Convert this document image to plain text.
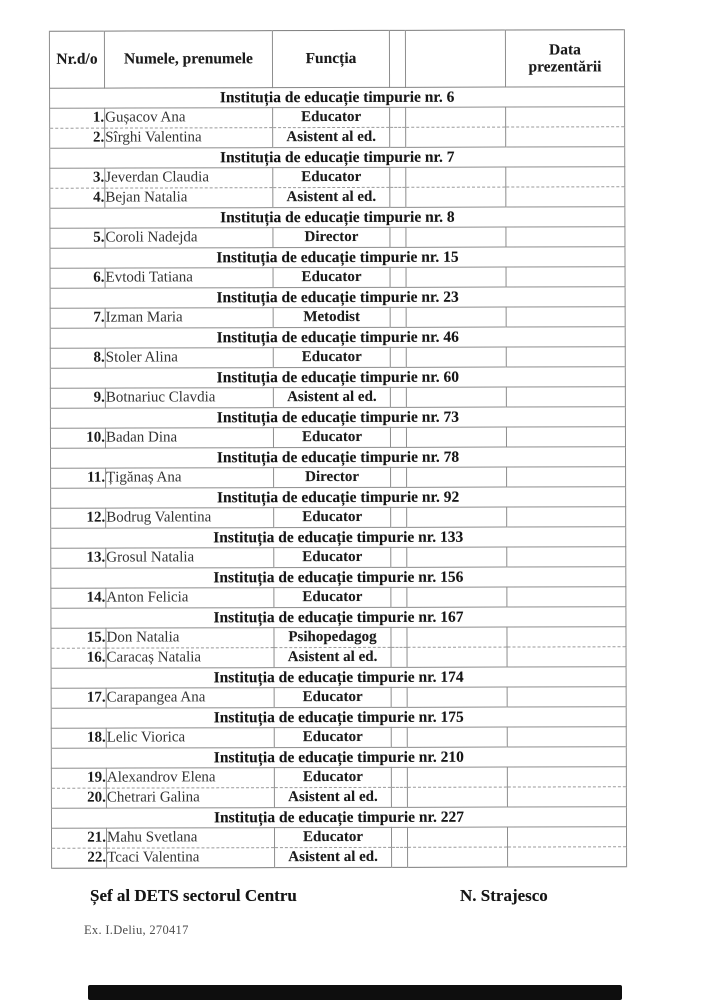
Nr.d/o	Numele, prenumele	Funcția			Data prezentării
Instituția de educație timpurie nr. 6					
1.	Gușacov Ana	Educator			
2.	Sîrghi Valentina	Asistent al ed.			
Instituția de educație timpurie nr. 7					
3.	Jeverdan Claudia	Educator			
4.	Bejan Natalia	Asistent al ed.			
Instituția de educație timpurie nr. 8					
5.	Coroli Nadejda	Director			
Instituția de educație timpurie nr. 15					
6.	Evtodi Tatiana	Educator			
Instituția de educație timpurie nr. 23					
7.	Izman Maria	Metodist			
Instituția de educație timpurie nr. 46					
8.	Stoler Alina	Educator			
Instituția de educație timpurie nr. 60					
9.	Botnariuc Clavdia	Asistent al ed.			
Instituția de educație timpurie nr. 73					
10.	Badan Dina	Educator			
Instituția de educație timpurie nr. 78					
11.	Țigănaș Ana	Director			
Instituția de educație timpurie nr. 92					
12.	Bodrug Valentina	Educator			
Instituția de educație timpurie nr. 133					
13.	Grosul Natalia	Educator			
Instituția de educație timpurie nr. 156					
14.	Anton Felicia	Educator			
Instituția de educație timpurie nr. 167					
15.	Don Natalia	Psihopedagog			
16.	Caracaș Natalia	Asistent al ed.			
Instituția de educație timpurie nr. 174					
17.	Carapangea Ana	Educator			
Instituția de educație timpurie nr. 175					
18.	Lelic Viorica	Educator			
Instituția de educație timpurie nr. 210					
19.	Alexandrov Elena	Educator			
20.	Chetrari Galina	Asistent al ed.			
Instituția de educație timpurie nr. 227					
21.	Mahu Svetlana	Educator			
22.	Tcaci Valentina	Asistent al ed.			
Șef al DETS sectorul Centru	N. Strajesco
Ex. I.Deliu, 270417
